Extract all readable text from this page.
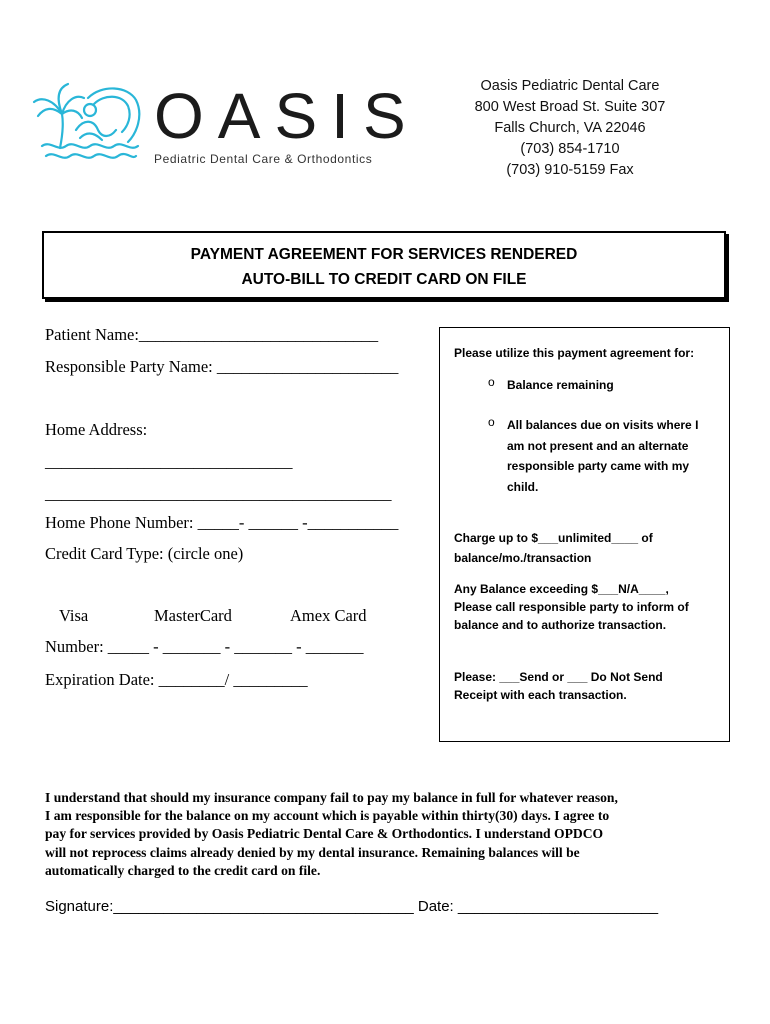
OASIS
Pediatric Dental Care & Orthodontics
Oasis Pediatric Dental Care
800 West Broad St. Suite 307
Falls Church, VA 22046
(703) 854-1710
(703) 910-5159 Fax
PAYMENT AGREEMENT FOR SERVICES RENDERED
AUTO-BILL TO CREDIT CARD ON FILE
Patient Name:_____________________________
Responsible Party Name: ______________________
Home Address:
______________________________
__________________________________________
Home Phone Number: _____- ______ -___________
Credit Card Type: (circle one)
Visa	MasterCard	Amex Card
Number: _____ - _______ - _______ - _______
Expiration Date: ________/ _________
Please utilize this payment agreement for:
o Balance remaining
o All balances due on visits where I
am not present and an alternate
responsible party came with my
child.
Charge up to $___unlimited____ of
balance/mo./transaction
Any Balance exceeding $___N/A____,
Please call responsible party to inform of
balance and to authorize transaction.
Please: ___Send or ___ Do Not Send
Receipt with each transaction.
I understand that should my insurance company fail to pay my balance in full for whatever reason,
I am responsible for the balance on my account which is payable within thirty(30) days. I agree to
pay for services provided by Oasis Pediatric Dental Care & Orthodontics. I understand OPDCO
will not reprocess claims already denied by my dental insurance. Remaining balances will be
automatically charged to the credit card on file.
Signature:____________________________________ Date: ________________________
